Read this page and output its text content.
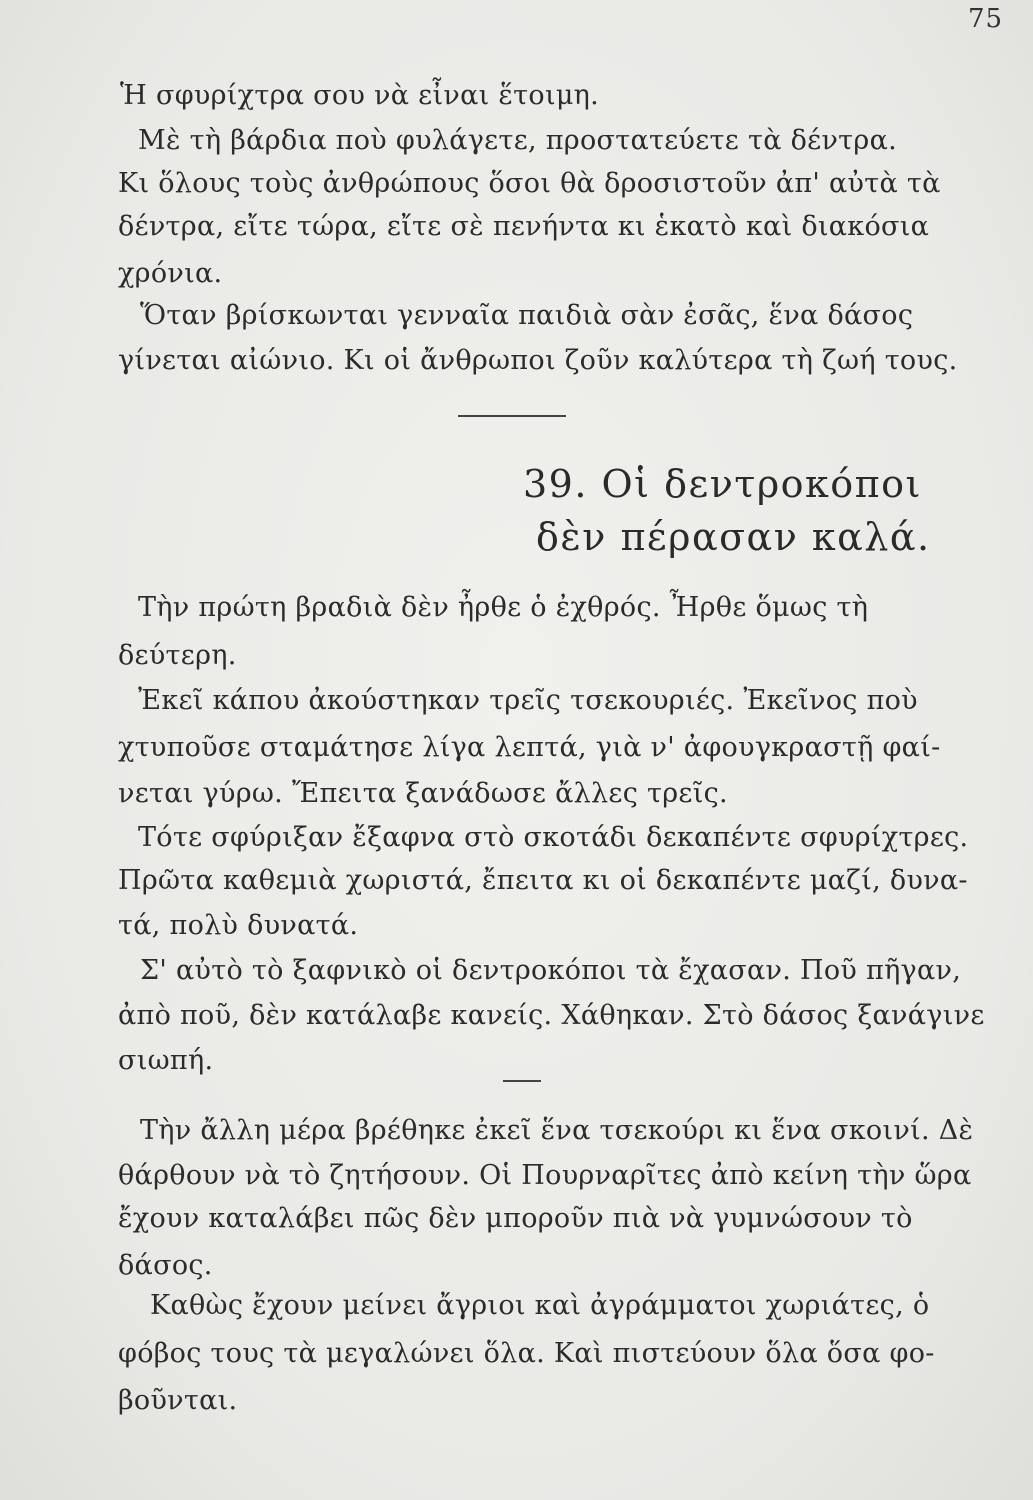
75
Ἡ σφυρίχτρα σου νὰ εἶναι ἕτοιμη.
Μὲ τὴ βάρδια ποὺ φυλάγετε, προστατεύετε τὰ δέντρα.
Κι ὅλους τοὺς ἀνθρώπους ὅσοι θὰ δροσιστοῦν ἀπ' αὐτὰ τὰ
δέντρα, εἴτε τώρα, εἴτε σὲ πενήντα κι ἑκατὸ καὶ διακόσια
χρόνια.
Ὅταν βρίσκωνται γενναῖα παιδιὰ σὰν ἐσᾶς, ἕνα δάσος
γίνεται αἰώνιο. Κι οἱ ἄνθρωποι ζοῦν καλύτερα τὴ ζωή τους.
39. Οἱ δεντροκόποι
δὲν πέρασαν καλά.
Τὴν πρώτη βραδιὰ δὲν ἦρθε ὁ ἐχθρός. Ἦρθε ὅμως τὴ
δεύτερη.
Ἐκεῖ κάπου ἀκούστηκαν τρεῖς τσεκουριές. Ἐκεῖνος ποὺ
χτυποῦσε σταμάτησε λίγα λεπτά, γιὰ ν' ἀφουγκραστῇ φαί-
νεται γύρω. Ἔπειτα ξανάδωσε ἄλλες τρεῖς.
Τότε σφύριξαν ἔξαφνα στὸ σκοτάδι δεκαπέντε σφυρίχτρες.
Πρῶτα καθεμιὰ χωριστά, ἔπειτα κι οἱ δεκαπέντε μαζί, δυνα-
τά, πολὺ δυνατά.
Σ' αὐτὸ τὸ ξαφνικὸ οἱ δεντροκόποι τὰ ἔχασαν. Ποῦ πῆγαν,
ἀπὸ ποῦ, δὲν κατάλαβε κανείς. Χάθηκαν. Στὸ δάσος ξανάγινε
σιωπή.
Τὴν ἄλλη μέρα βρέθηκε ἐκεῖ ἕνα τσεκούρι κι ἕνα σκοινί. Δὲ
θάρθουν νὰ τὸ ζητήσουν. Οἱ Πουρναρῖτες ἀπὸ κείνη τὴν ὥρα
ἔχουν καταλάβει πῶς δὲν μποροῦν πιὰ νὰ γυμνώσουν τὸ
δάσος.
Καθὼς ἔχουν μείνει ἄγριοι καὶ ἀγράμματοι χωριάτες, ὁ
φόβος τους τὰ μεγαλώνει ὅλα. Καὶ πιστεύουν ὅλα ὅσα φο-
βοῦνται.
